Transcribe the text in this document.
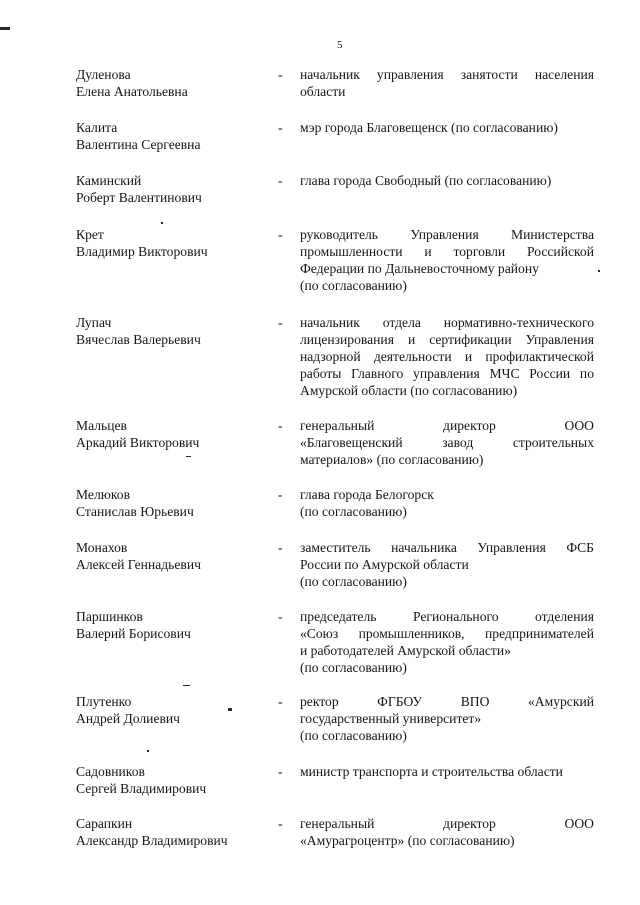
5
Дуленова
Елена Анатольевна
- начальник управления занятости населения
области
Калита
Валентина Сергеевна
- мэр города Благовещенск (по согласованию)
Каминский
Роберт Валентинович
- глава города Свободный (по согласованию)
Крет
Владимир Викторович
- руководитель Управления Министерства
промышленности и торговли Российской
Федерации по Дальневосточному району
(по согласованию)
Лупач
Вячеслав Валерьевич
- начальник отдела нормативно-технического
лицензирования и сертификации Управления
надзорной деятельности и профилактической
работы Главного управления МЧС России по
Амурской области (по согласованию)
Мальцев
Аркадий Викторович
- генеральный директор ООО
«Благовещенский завод строительных
материалов» (по согласованию)
Мелюков
Станислав Юрьевич
- глава города Белогорск
(по согласованию)
Монахов
Алексей Геннадьевич
- заместитель начальника Управления ФСБ
России по Амурской области
(по согласованию)
Паршинков
Валерий Борисович
- председатель Регионального отделения
«Союз промышленников, предпринимателей
и работодателей Амурской области»
(по согласованию)
Плутенко
Андрей Долиевич
- ректор ФГБОУ ВПО «Амурский
государственный университет»
(по согласованию)
Садовников
Сергей Владимирович
- министр транспорта и строительства области
Сарапкин
Александр Владимирович
- генеральный директор ООО
«Амурагроцентр» (по согласованию)
